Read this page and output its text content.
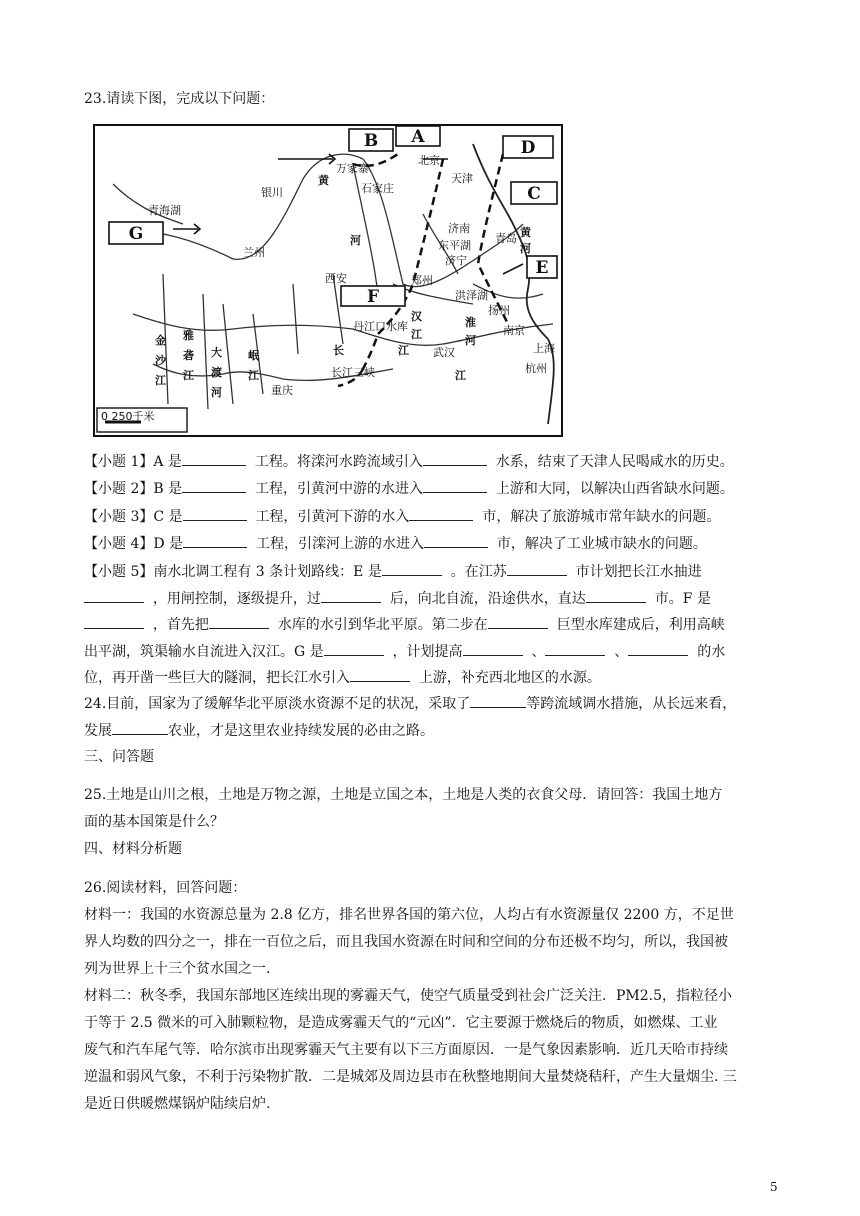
23.请读下图，完成以下问题：
B A
D
C
G
F
E
万家寨
银川	石家庄
北京
天津
济南
东平湖
济宁
青岛
兰州
西安	郑州
扬州
南京
上海
杭州
丹江口水库
长江三峡
武汉
重庆
青海湖
洪泽湖
黄
河
长	江
金
沙
江
雅
砻
江
大
渡
河
岷
江
汉
江
淮
河
黄
河
江
0 250千米
【小题 1】A 是	工程。将滦河水跨流域引入	水系，结束了天津人民喝咸水的历史。
【小题 2】B 是	工程，引黄河中游的水进入	上游和大同，以解决山西省缺水问题。
【小题 3】C 是	工程，引黄河下游的水入	市，解决了旅游城市常年缺水的问题。
【小题 4】D 是	工程，引滦河上游的水进入	市，解决了工业城市缺水的问题。
【小题 5】南水北调工程有 3 条计划路线：E 是	。在江苏	市计划把长江水抽进
，用闸控制，逐级提升，过	后，向北自流，沿途供水，直达	市。F 是
，首先把	水库的水引到华北平原。第二步在	巨型水库建成后，利用高峡
出平湖，筑渠输水自流进入汉江。G 是	，计划提高	、	、	的水
位，再开凿一些巨大的隧洞，把长江水引入	上游，补充西北地区的水源。
24.目前，国家为了缓解华北平原淡水资源不足的状况，采取了	等跨流域调水措施，从长远来看，
发展	农业，才是这里农业持续发展的必由之路。
三、问答题
25.土地是山川之根，土地是万物之源，土地是立国之本，土地是人类的衣食父母．请回答：我国土地方
面的基本国策是什么？
四、材料分析题
26.阅读材料，回答问题：
材料一：我国的水资源总量为 2.8 亿方，排名世界各国的第六位，人均占有水资源量仅 2200 方，不足世
界人均数的四分之一，排在一百位之后，而且我国水资源在时间和空间的分布还极不均匀，所以，我国被
列为世界上十三个贫水国之一.
材料二：秋冬季，我国东部地区连续出现的雾霾天气，使空气质量受到社会广泛关注．PM2.5，指粒径小
于等于 2.5 微米的可入肺颗粒物，是造成雾霾天气的“元凶”．它主要源于燃烧后的物质，如燃煤、工业
废气和汽车尾气等．哈尔滨市出现雾霾天气主要有以下三方面原因．一是气象因素影响．近几天哈市持续
逆温和弱风气象，不利于污染物扩散．二是城郊及周边县市在秋整地期间大量焚烧秸秆，产生大量烟尘. 三
是近日供暖燃煤锅炉陆续启炉.
5
